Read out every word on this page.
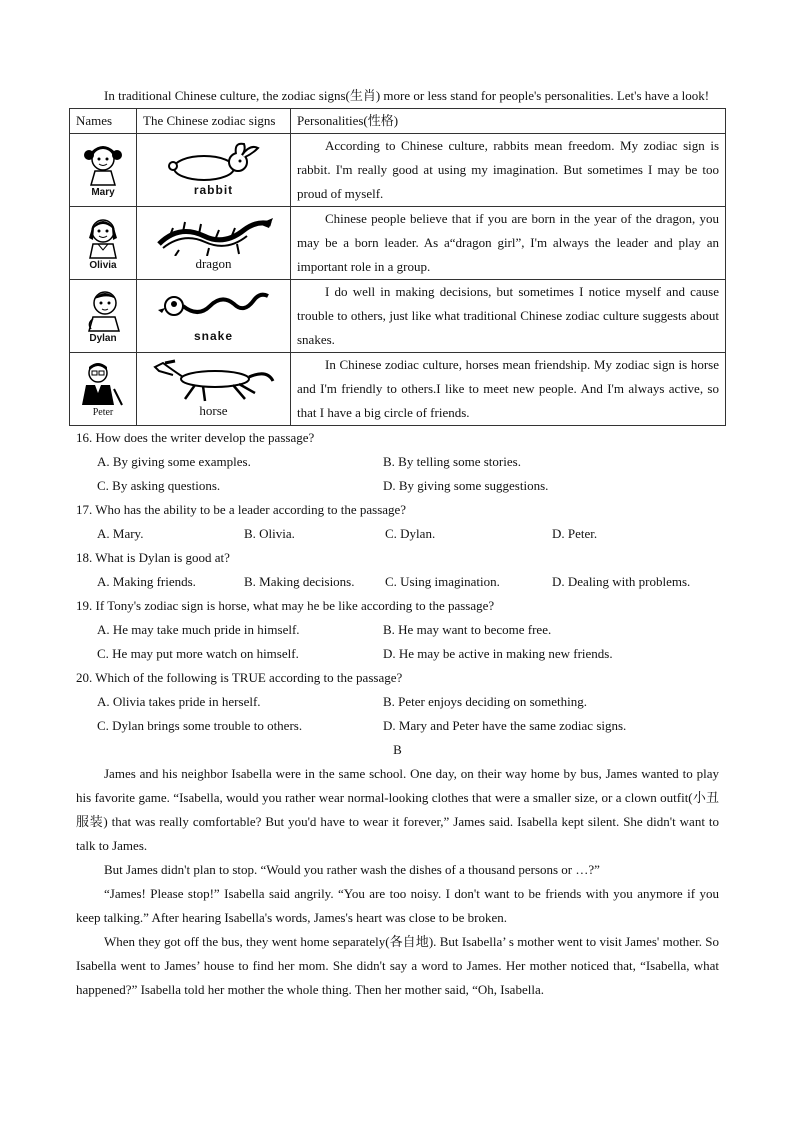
In traditional Chinese culture, the zodiac signs(生肖) more or less stand for people's personalities. Let's have a look!
Names	The Chinese zodiac signs	Personalities(性格)

Mary	rabbit	According to Chinese culture, rabbits mean freedom. My zodiac sign is rabbit. I'm really good at using my imagination. But sometimes I may be too proud of myself.

Olivia	dragon	Chinese people believe that if you are born in the year of the dragon, you may be a born leader. As a“dragon girl”, I'm always the leader and play an important role in a group.

Dylan	snake	I do well in making decisions, but sometimes I notice myself and cause trouble to others, just like what traditional Chinese zodiac culture suggests about snakes.

Peter	horse	In Chinese zodiac culture, horses mean friendship. My zodiac sign is horse and I'm friendly to others.I like to meet new people. And I'm always active, so that I have a big circle of friends.
16. How does the writer develop the passage?
A. By giving some examples.	B. By telling some stories.
C. By asking questions.	D. By giving some suggestions.
17. Who has the ability to be a leader according to the passage?
A. Mary.	B. Olivia.	C. Dylan.	D. Peter.
18. What is Dylan is good at?
A. Making friends.	B. Making decisions.	C. Using imagination.	D. Dealing with problems.
19. If Tony's zodiac sign is horse, what may he be like according to the passage?
A. He may take much pride in himself.	B. He may want to become free.
C. He may put more watch on himself.	D. He may be active in making new friends.
20. Which of the following is TRUE according to the passage?
A. Olivia takes pride in herself.	B. Peter enjoys deciding on something.
C. Dylan brings some trouble to others.	D. Mary and Peter have the same zodiac signs.
B
James and his neighbor Isabella were in the same school. One day, on their way home by bus, James wanted to play his favorite game. “Isabella, would you rather wear normal-looking clothes that were a smaller size, or a clown outfit(小丑服装) that was really comfortable? But you'd have to wear it forever,” James said. Isabella kept silent. She didn't want to talk to James.
But James didn't plan to stop. “Would you rather wash the dishes of a thousand persons or …?”
“James! Please stop!” Isabella said angrily. “You are too noisy. I don't want to be friends with you anymore if you keep talking.” After hearing Isabella's words, James's heart was close to be broken.
When they got off the bus, they went home separately(各自地). But Isabella’ s mother went to visit James' mother. So Isabella went to James’ house to find her mom. She didn't say a word to James. Her mother noticed that, “Isabella, what happened?” Isabella told her mother the whole thing. Then her mother said, “Oh, Isabella.
